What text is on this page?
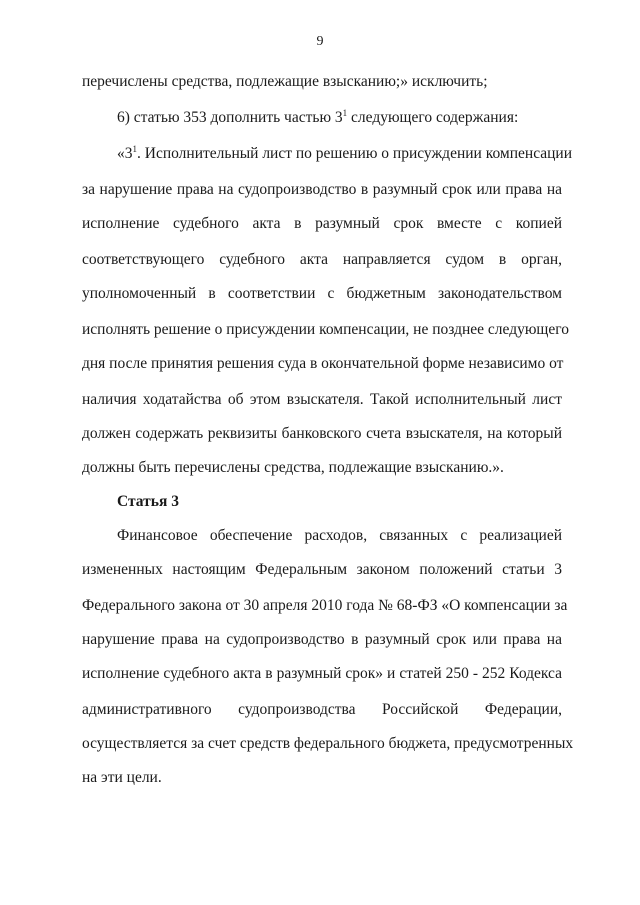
9
перечислены средства, подлежащие взысканию;» исключить;
6) статью 353 дополнить частью $3^1$ следующего содержания:
«$3^1$. Исполнительный лист по решению о присуждении компенсации
за нарушение права на судопроизводство в разумный срок или права на
исполнение судебного акта в разумный срок вместе с копией
соответствующего судебного акта направляется судом в орган,
уполномоченный в соответствии с бюджетным законодательством
исполнять решение о присуждении компенсации, не позднее следующего
дня после принятия решения суда в окончательной форме независимо от
наличия ходатайства об этом взыскателя. Такой исполнительный лист
должен содержать реквизиты банковского счета взыскателя, на который
должны быть перечислены средства, подлежащие взысканию.».
Статья 3
Финансовое обеспечение расходов, связанных с реализацией
измененных настоящим Федеральным законом положений статьи 3
Федерального закона от 30 апреля 2010 года № 68-ФЗ «О компенсации за
нарушение права на судопроизводство в разумный срок или права на
исполнение судебного акта в разумный срок» и статей 250 - 252 Кодекса
административного судопроизводства Российской Федерации,
осуществляется за счет средств федерального бюджета, предусмотренных
на эти цели.
